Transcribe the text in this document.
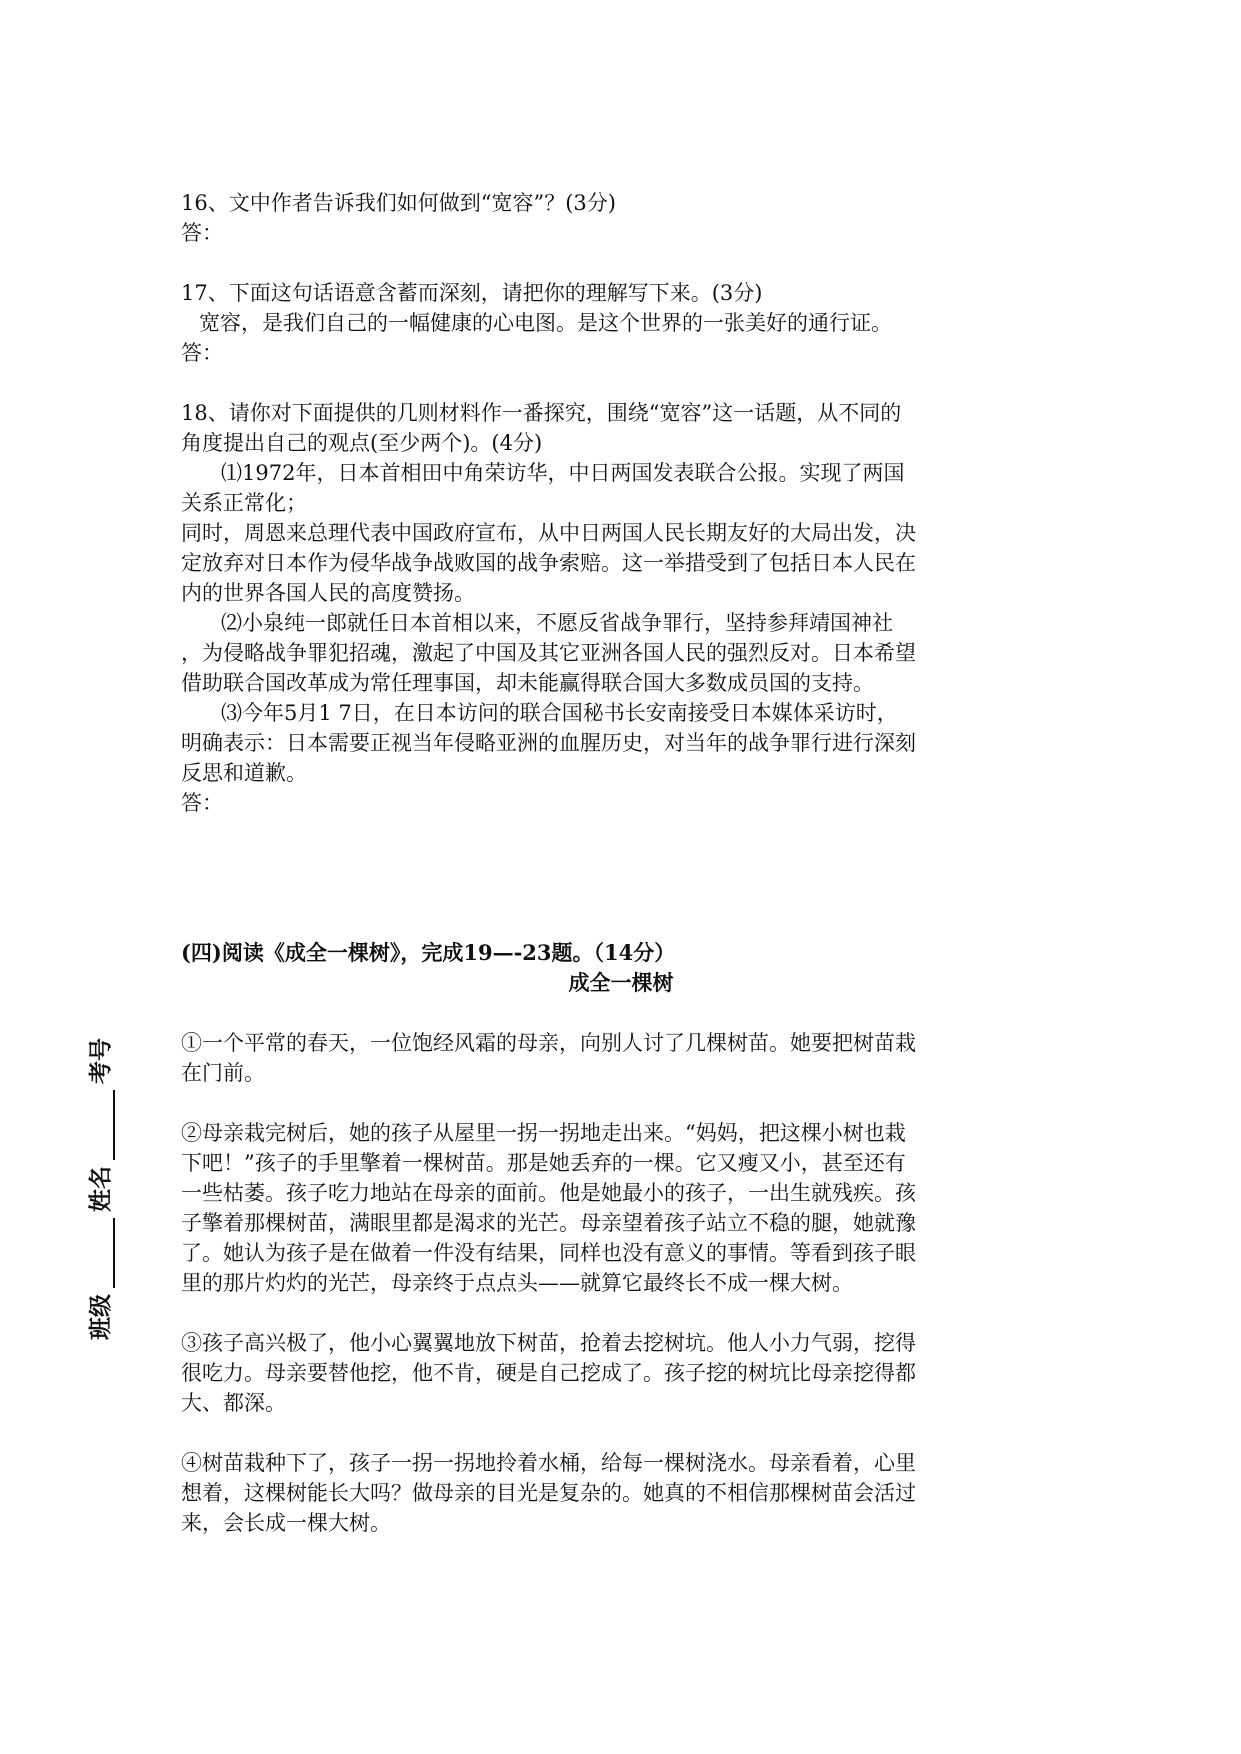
16、文中作者告诉我们如何做到“宽容”？(3分)

答：

17、下面这句话语意含蓄而深刻，请把你的理解写下来。(3分)

宽容，是我们自己的一幅健康的心电图。是这个世界的一张美好的通行证。

答：

18、请你对下面提供的几则材料作一番探究，围绕“宽容”这一话题，从不同的

角度提出自己的观点(至少两个)。(4分)

⑴1972年，日本首相田中角荣访华，中日两国发表联合公报。实现了两国

关系正常化；

同时，周恩来总理代表中国政府宣布，从中日两国人民长期友好的大局出发，决

定放弃对日本作为侵华战争战败国的战争索赔。这一举措受到了包括日本人民在

内的世界各国人民的高度赞扬。

⑵小泉纯一郎就任日本首相以来，不愿反省战争罪行，坚持参拜靖国神社

，为侵略战争罪犯招魂，激起了中国及其它亚洲各国人民的强烈反对。日本希望

借助联合国改革成为常任理事国，却未能赢得联合国大多数成员国的支持。

⑶今年5月1 7日，在日本访问的联合国秘书长安南接受日本媒体采访时，

明确表示：日本需要正视当年侵略亚洲的血腥历史，对当年的战争罪行进行深刻

反思和道歉。

答：

(四)阅读《成全一棵树》，完成19—-23题。（14分）

成全一棵树

①一个平常的春天，一位饱经风霜的母亲，向别人讨了几棵树苗。她要把树苗栽

在门前。

②母亲栽完树后，她的孩子从屋里一拐一拐地走出来。“妈妈，把这棵小树也栽

下吧！”孩子的手里擎着一棵树苗。那是她丢弃的一棵。它又瘦又小，甚至还有

一些枯萎。孩子吃力地站在母亲的面前。他是她最小的孩子，一出生就残疾。孩

子擎着那棵树苗，满眼里都是渴求的光芒。母亲望着孩子站立不稳的腿，她就豫

了。她认为孩子是在做着一件没有结果，同样也没有意义的事情。等看到孩子眼

里的那片灼灼的光芒，母亲终于点点头——就算它最终长不成一棵大树。

③孩子高兴极了，他小心翼翼地放下树苗，抢着去挖树坑。他人小力气弱，挖得

很吃力。母亲要替他挖，他不肯，硬是自己挖成了。孩子挖的树坑比母亲挖得都

大、都深。

④树苗栽种下了，孩子一拐一拐地拎着水桶，给每一棵树浇水。母亲看着，心里

想着，这棵树能长大吗？做母亲的目光是复杂的。她真的不相信那棵树苗会活过

来，会长成一棵大树。

班级
姓名
考号
